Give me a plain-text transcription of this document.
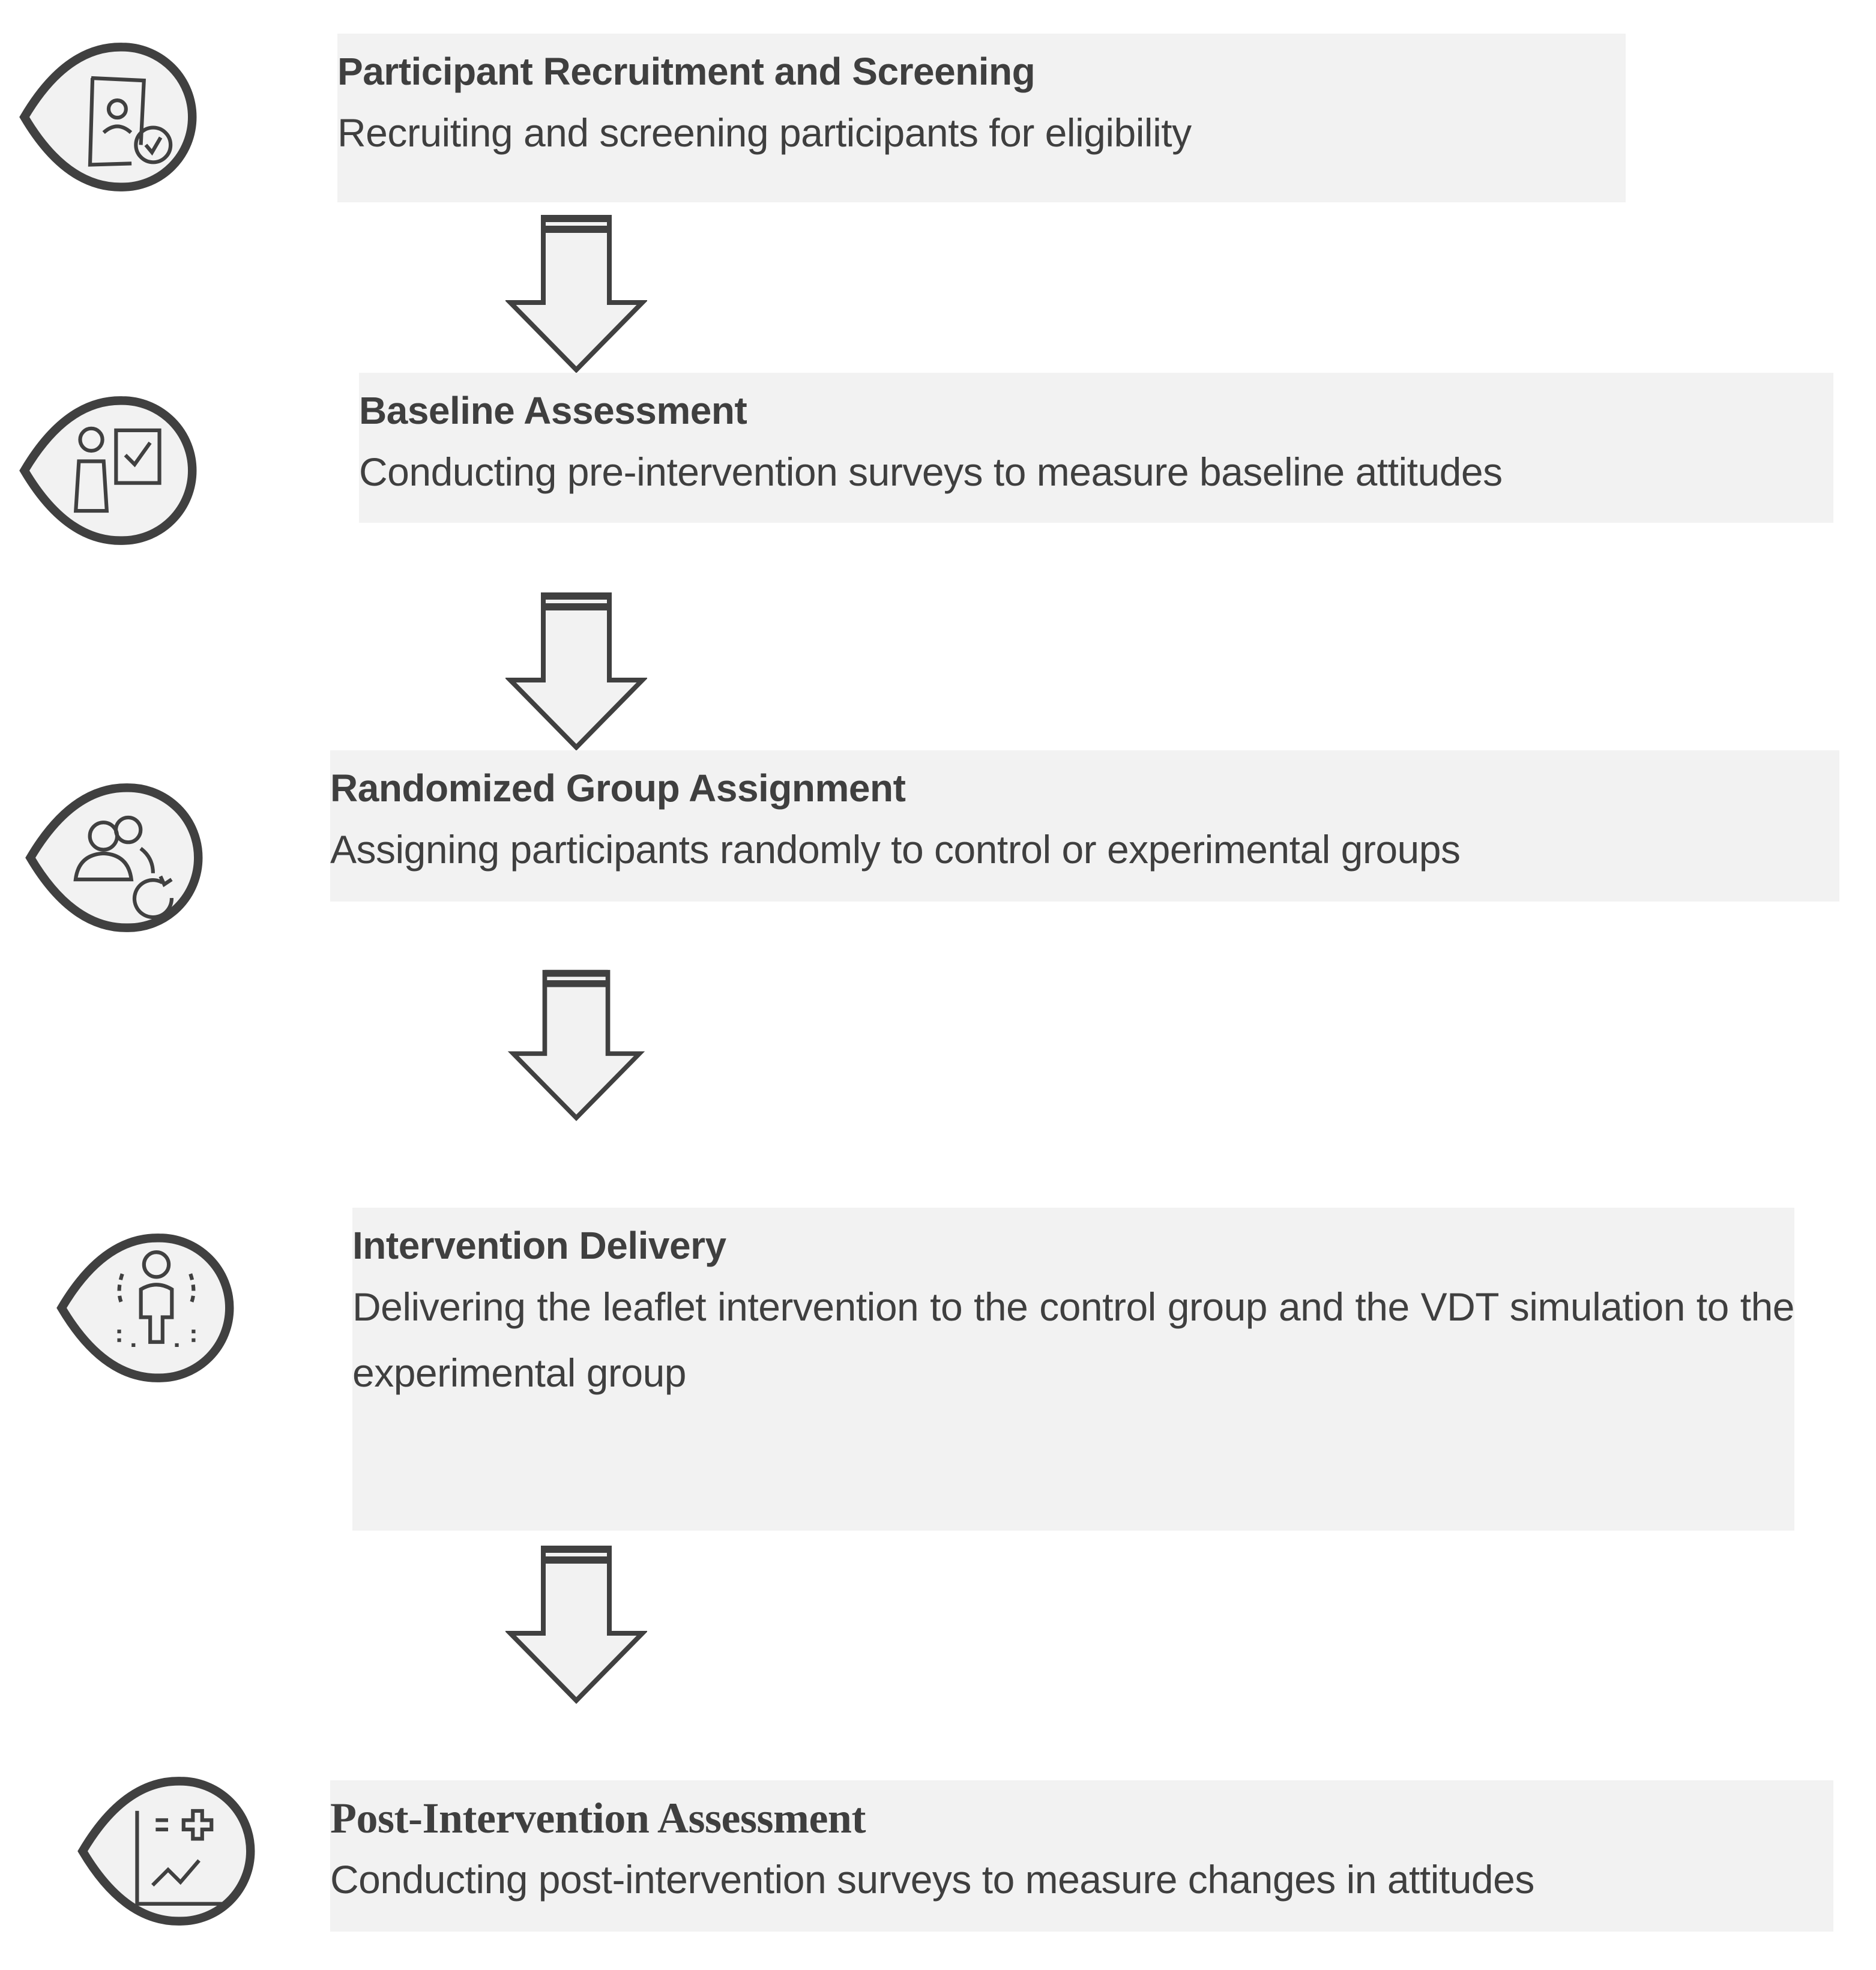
Participant Recruitment and Screening
Recruiting and screening participants for eligibility
Baseline Assessment
Conducting pre-intervention surveys to measure baseline attitudes
Randomized Group Assignment
Assigning participants randomly to control or experimental groups
Intervention Delivery
Delivering the leaflet intervention to the control group and the VDT simulation to the experimental group
Post-Intervention Assessment
Conducting post-intervention surveys to measure changes in attitudes
